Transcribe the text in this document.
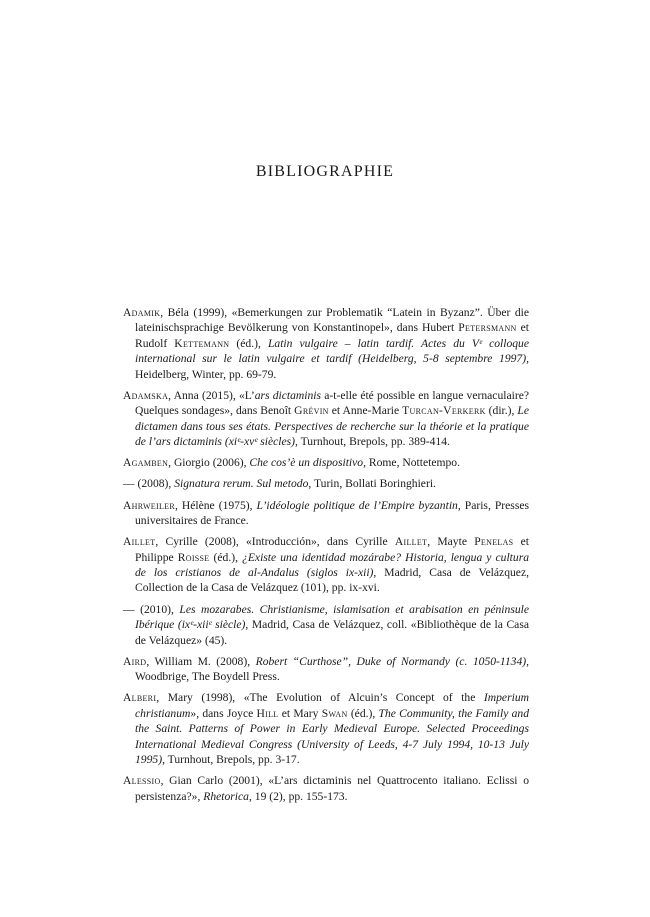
BIBLIOGRAPHIE

Adamik, Béla (1999), «Bemerkungen zur Problematik “Latein in Byzanz”. Über die lateinischsprachige Bevölkerung von Konstantinopel», dans Hubert Petersmann et Rudolf Kettemann (éd.), Latin vulgaire – latin tardif. Actes du Vᵉ colloque international sur le latin vulgaire et tardif (Heidelberg, 5-8 septembre 1997), Heidelberg, Winter, pp. 69-79.

Adamska, Anna (2015), «L’ars dictaminis a-t-elle été possible en langue vernaculaire? Quelques sondages», dans Benoît Grévin et Anne-Marie Turcan-Verkerk (dir.), Le dictamen dans tous ses états. Perspectives de recherche sur la théorie et la pratique de l’ars dictaminis (xiᵉ-xvᵉ siècles), Turnhout, Brepols, pp. 389-414.

Agamben, Giorgio (2006), Che cos’è un dispositivo, Rome, Nottetempo.

— (2008), Signatura rerum. Sul metodo, Turin, Bollati Boringhieri.

Ahrweiler, Hélène (1975), L’idéologie politique de l’Empire byzantin, Paris, Presses universitaires de France.

Aillet, Cyrille (2008), «Introducción», dans Cyrille Aillet, Mayte Penelas et Philippe Roisse (éd.), ¿Existe una identidad mozárabe? Historia, lengua y cultura de los cristianos de al-Andalus (siglos ix-xii), Madrid, Casa de Velázquez, Collection de la Casa de Velázquez (101), pp. ix-xvi.

— (2010), Les mozarabes. Christianisme, islamisation et arabisation en péninsule Ibérique (ixᵉ-xiiᵉ siècle), Madrid, Casa de Velázquez, coll. «Bibliothèque de la Casa de Velázquez» (45).

Aird, William M. (2008), Robert “Curthose”, Duke of Normandy (c. 1050-1134), Woodbrige, The Boydell Press.

Alberi, Mary (1998), «The Evolution of Alcuin’s Concept of the Imperium christianum», dans Joyce Hill et Mary Swan (éd.), The Community, the Family and the Saint. Patterns of Power in Early Medieval Europe. Selected Proceedings International Medieval Congress (University of Leeds, 4-7 July 1994, 10-13 July 1995), Turnhout, Brepols, pp. 3-17.

Alessio, Gian Carlo (2001), «L’ars dictaminis nel Quattrocento italiano. Eclissi o persistenza?», Rhetorica, 19 (2), pp. 155-173.
